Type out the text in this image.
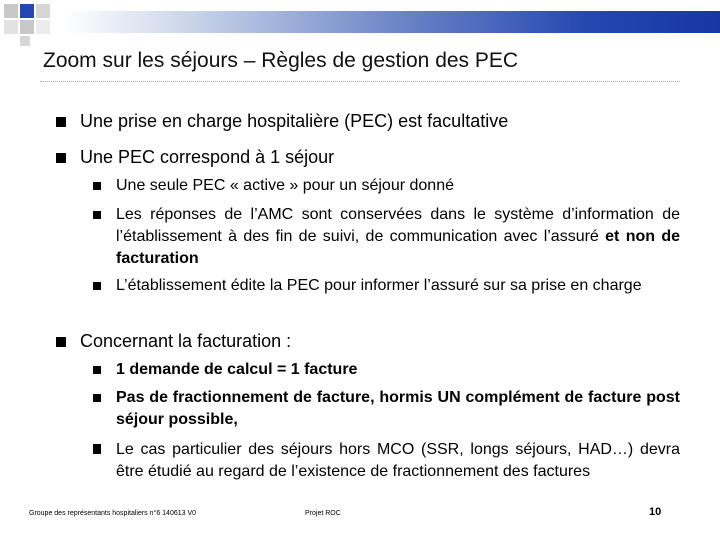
Zoom sur les séjours – Règles de gestion des PEC
Une prise en charge hospitalière (PEC) est facultative
Une PEC correspond à 1 séjour
Une seule PEC « active » pour un séjour donné
Les réponses de l’AMC sont conservées dans le système d’information de l’établissement à des fin de suivi, de communication avec l’assuré et non de facturation
L’établissement édite la PEC pour informer l’assuré sur sa prise en charge
Concernant la facturation :
1 demande de calcul = 1 facture
Pas de fractionnement de facture, hormis UN complément de facture post séjour possible,
Le cas particulier des séjours hors MCO (SSR, longs séjours, HAD…) devra être étudié au regard de l’existence de fractionnement des factures
Groupe des représentants hospitaliers n°6 140613 V0	Projet ROC	10
